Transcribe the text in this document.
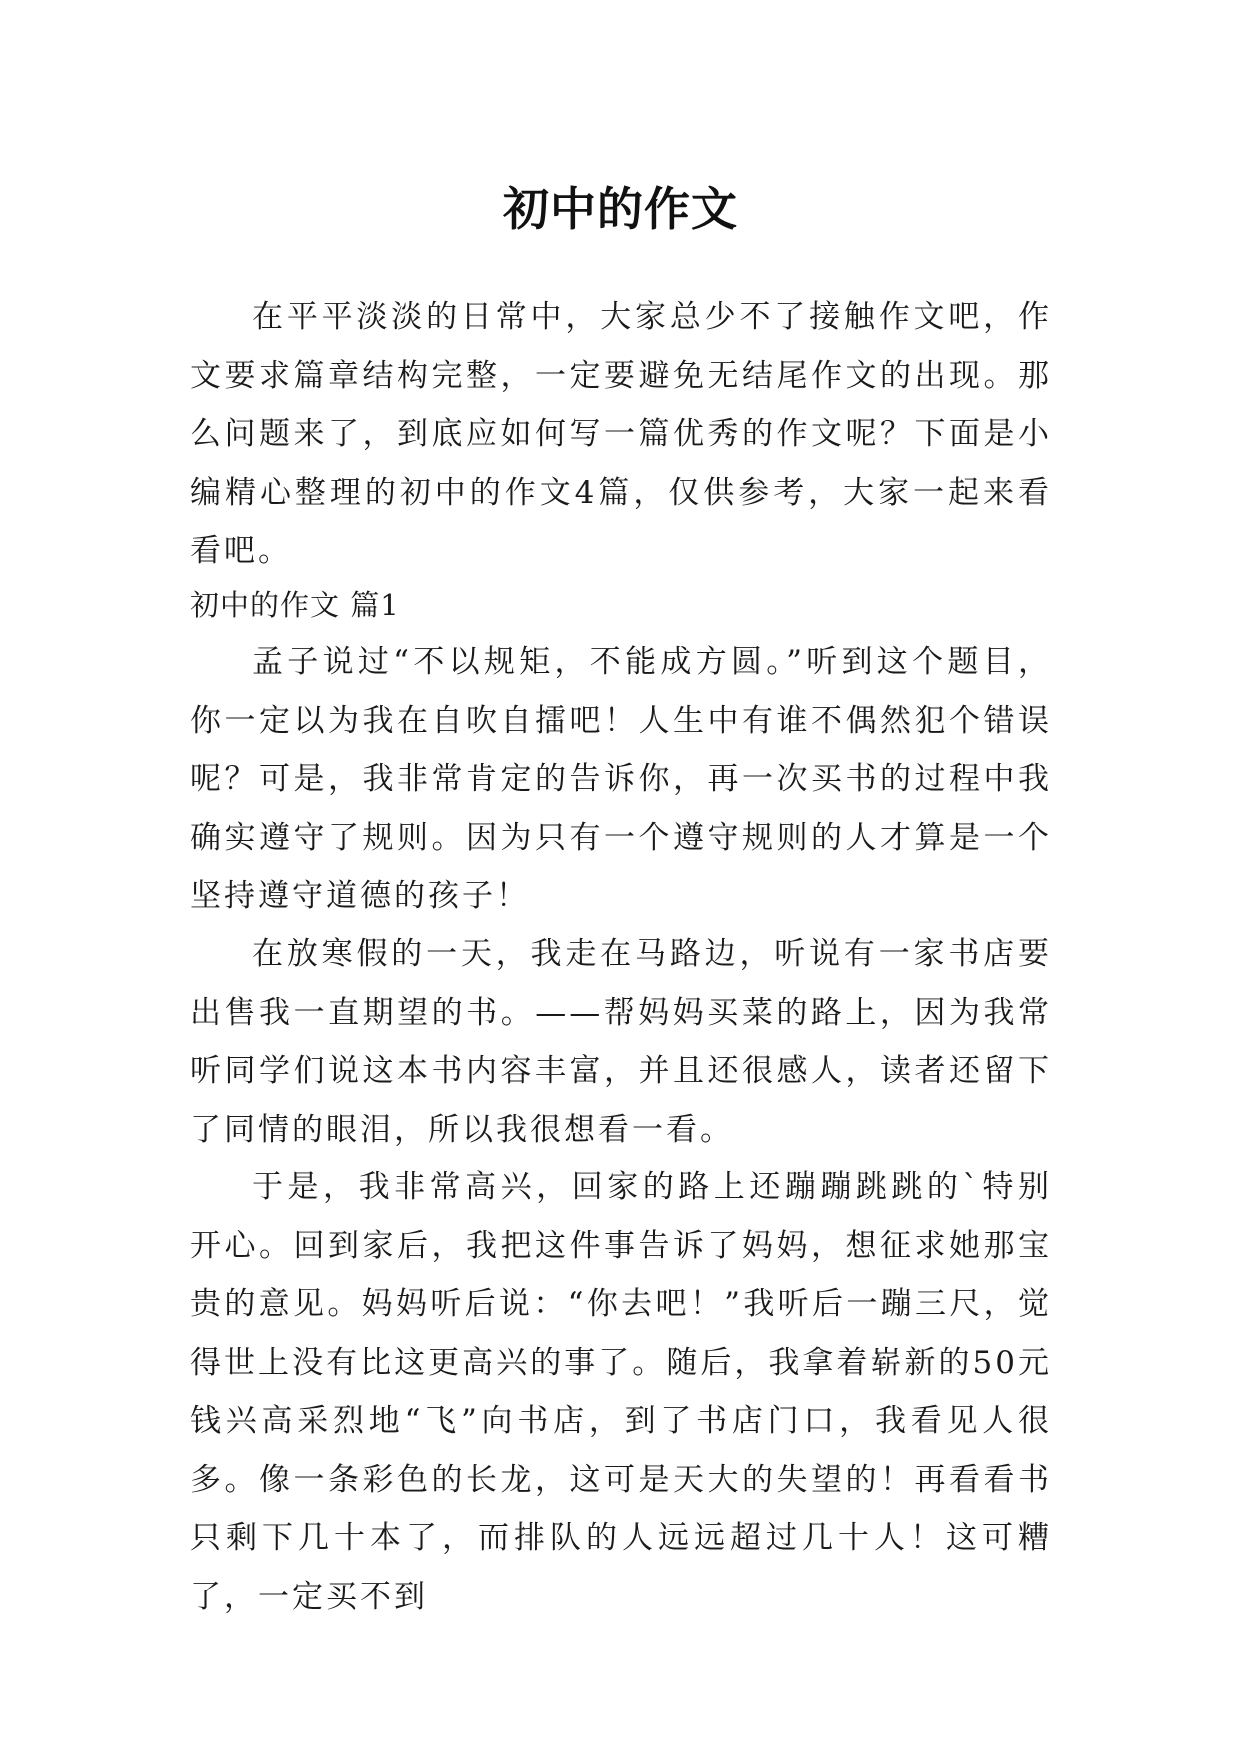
初中的作文

在平平淡淡的日常中，大家总少不了接触作文吧，作文要求篇章结构完整，一定要避免无结尾作文的出现。那么问题来了，到底应如何写一篇优秀的作文呢？下面是小编精心整理的初中的作文4篇，仅供参考，大家一起来看看吧。

初中的作文 篇1

孟子说过“不以规矩，不能成方圆。”听到这个题目，你一定以为我在自吹自擂吧！人生中有谁不偶然犯个错误呢？可是，我非常肯定的告诉你，再一次买书的过程中我确实遵守了规则。因为只有一个遵守规则的人才算是一个坚持遵守道德的孩子！

在放寒假的一天，我走在马路边，听说有一家书店要出售我一直期望的书。——帮妈妈买菜的路上，因为我常听同学们说这本书内容丰富，并且还很感人，读者还留下了同情的眼泪，所以我很想看一看。

于是，我非常高兴，回家的路上还蹦蹦跳跳的`特别开心。回到家后，我把这件事告诉了妈妈，想征求她那宝贵的意见。妈妈听后说：“你去吧！”我听后一蹦三尺，觉得世上没有比这更高兴的事了。随后，我拿着崭新的50元钱兴高采烈地“飞”向书店，到了书店门口，我看见人很多。像一条彩色的长龙，这可是天大的失望的！再看看书只剩下几十本了，而排队的人远远超过几十人！这可糟了，一定买不到
